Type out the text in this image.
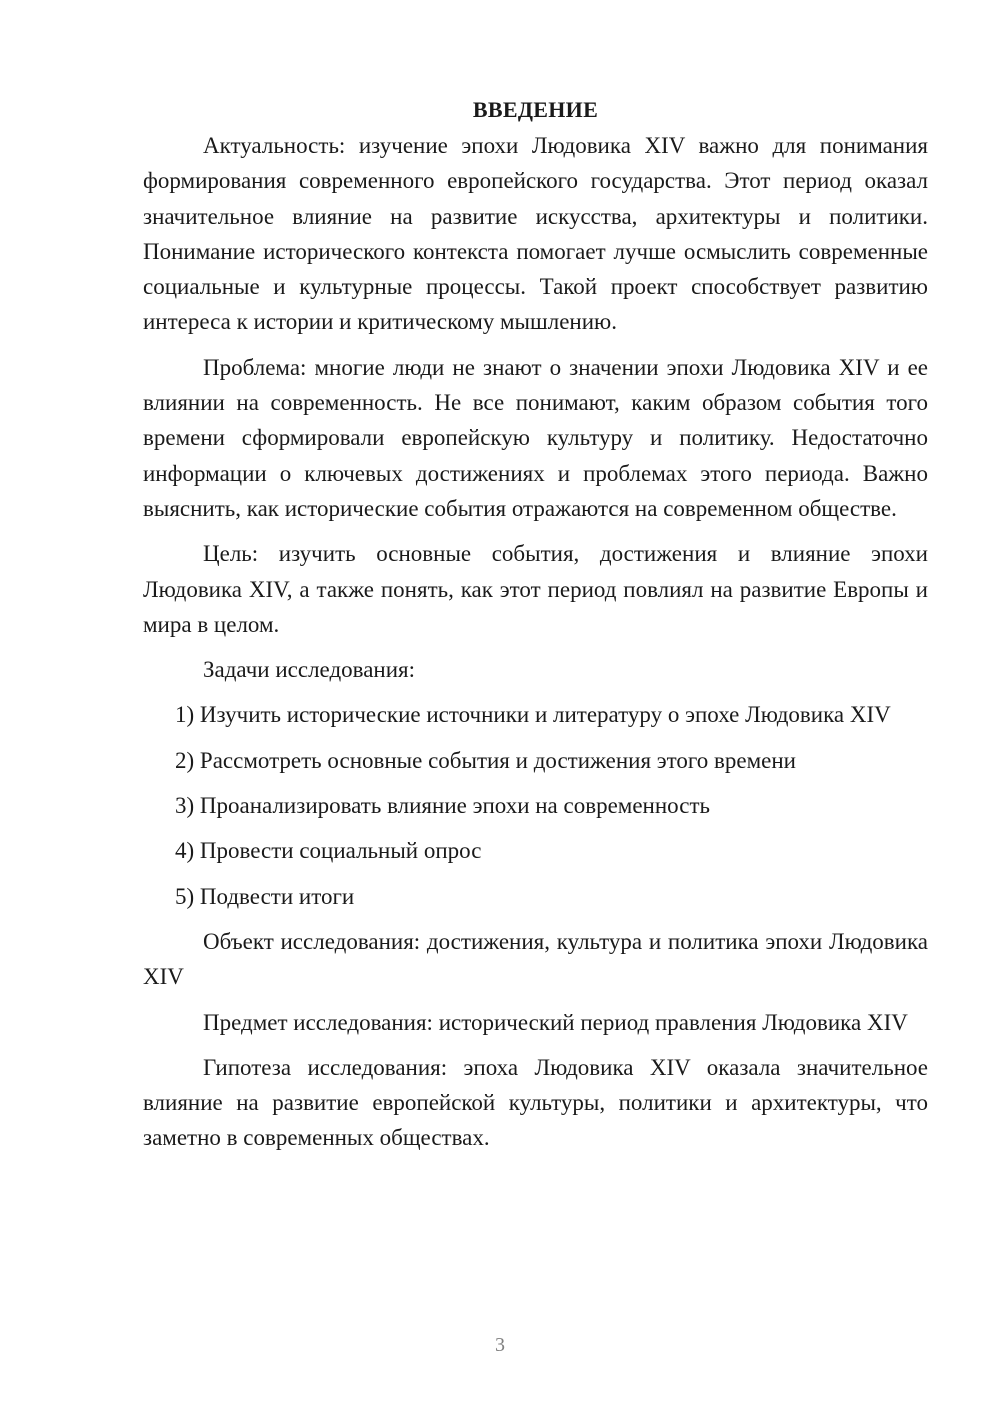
ВВЕДЕНИЕ

Актуальность: изучение эпохи Людовика XIV важно для понимания формирования современного европейского государства. Этот период оказал значительное влияние на развитие искусства, архитектуры и политики. Понимание исторического контекста помогает лучше осмыслить современные социальные и культурные процессы. Такой проект способствует развитию интереса к истории и критическому мышлению.

Проблема: многие люди не знают о значении эпохи Людовика XIV и ее влиянии на современность. Не все понимают, каким образом события того времени сформировали европейскую культуру и политику. Недостаточно информации о ключевых достижениях и проблемах этого периода. Важно выяснить, как исторические события отражаются на современном обществе.

Цель: изучить основные события, достижения и влияние эпохи Людовика XIV, а также понять, как этот период повлиял на развитие Европы и мира в целом.

Задачи исследования:

1) Изучить исторические источники и литературу о эпохе Людовика XIV

2) Рассмотреть основные события и достижения этого времени

3) Проанализировать влияние эпохи на современность

4) Провести социальный опрос

5) Подвести итоги

Объект исследования: достижения, культура и политика эпохи Людовика XIV

Предмет исследования: исторический период правления Людовика XIV

Гипотеза исследования: эпоха Людовика XIV оказала значительное влияние на развитие европейской культуры, политики и архитектуры, что заметно в современных обществах.

3
